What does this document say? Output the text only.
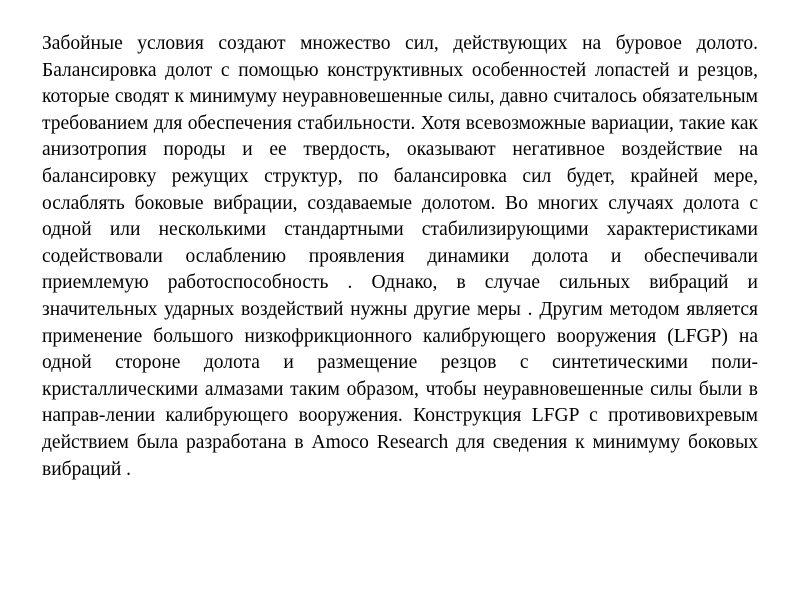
Забойные условия создают множество сил, действующих на буровое долото. Балансировка долот с помощью конструктивных особенностей лопастей и резцов, которые сводят к минимуму неуравновешенные силы, давно считалось обязательным требованием для обеспечения стабильности. Хотя всевозможные вариации, такие как анизотропия породы и ее твердость, оказывают негативное воздействие на балансировку режущих структур, по балансировка сил будет, крайней мере, ослаблять боковые вибрации, создаваемые долотом. Во многих случаях долота с одной или несколькими стандартными стабилизирующими характеристиками содействовали ослаблению проявления динамики долота и обеспечивали приемлемую работоспособность . Однако, в случае сильных вибраций и значительных ударных воздействий нужны другие меры . Другим методом является применение большого низкофрикционного калибрующего вооружения (LFGP) на одной стороне долота и размещение резцов с синтетическими поли-кристаллическими алмазами таким образом, чтобы неуравновешенные силы были в направ-лении калибрующего вооружения. Конструкция LFGP с противовихревым действием была разработана в Amoco Research для сведения к минимуму боковых вибраций .
